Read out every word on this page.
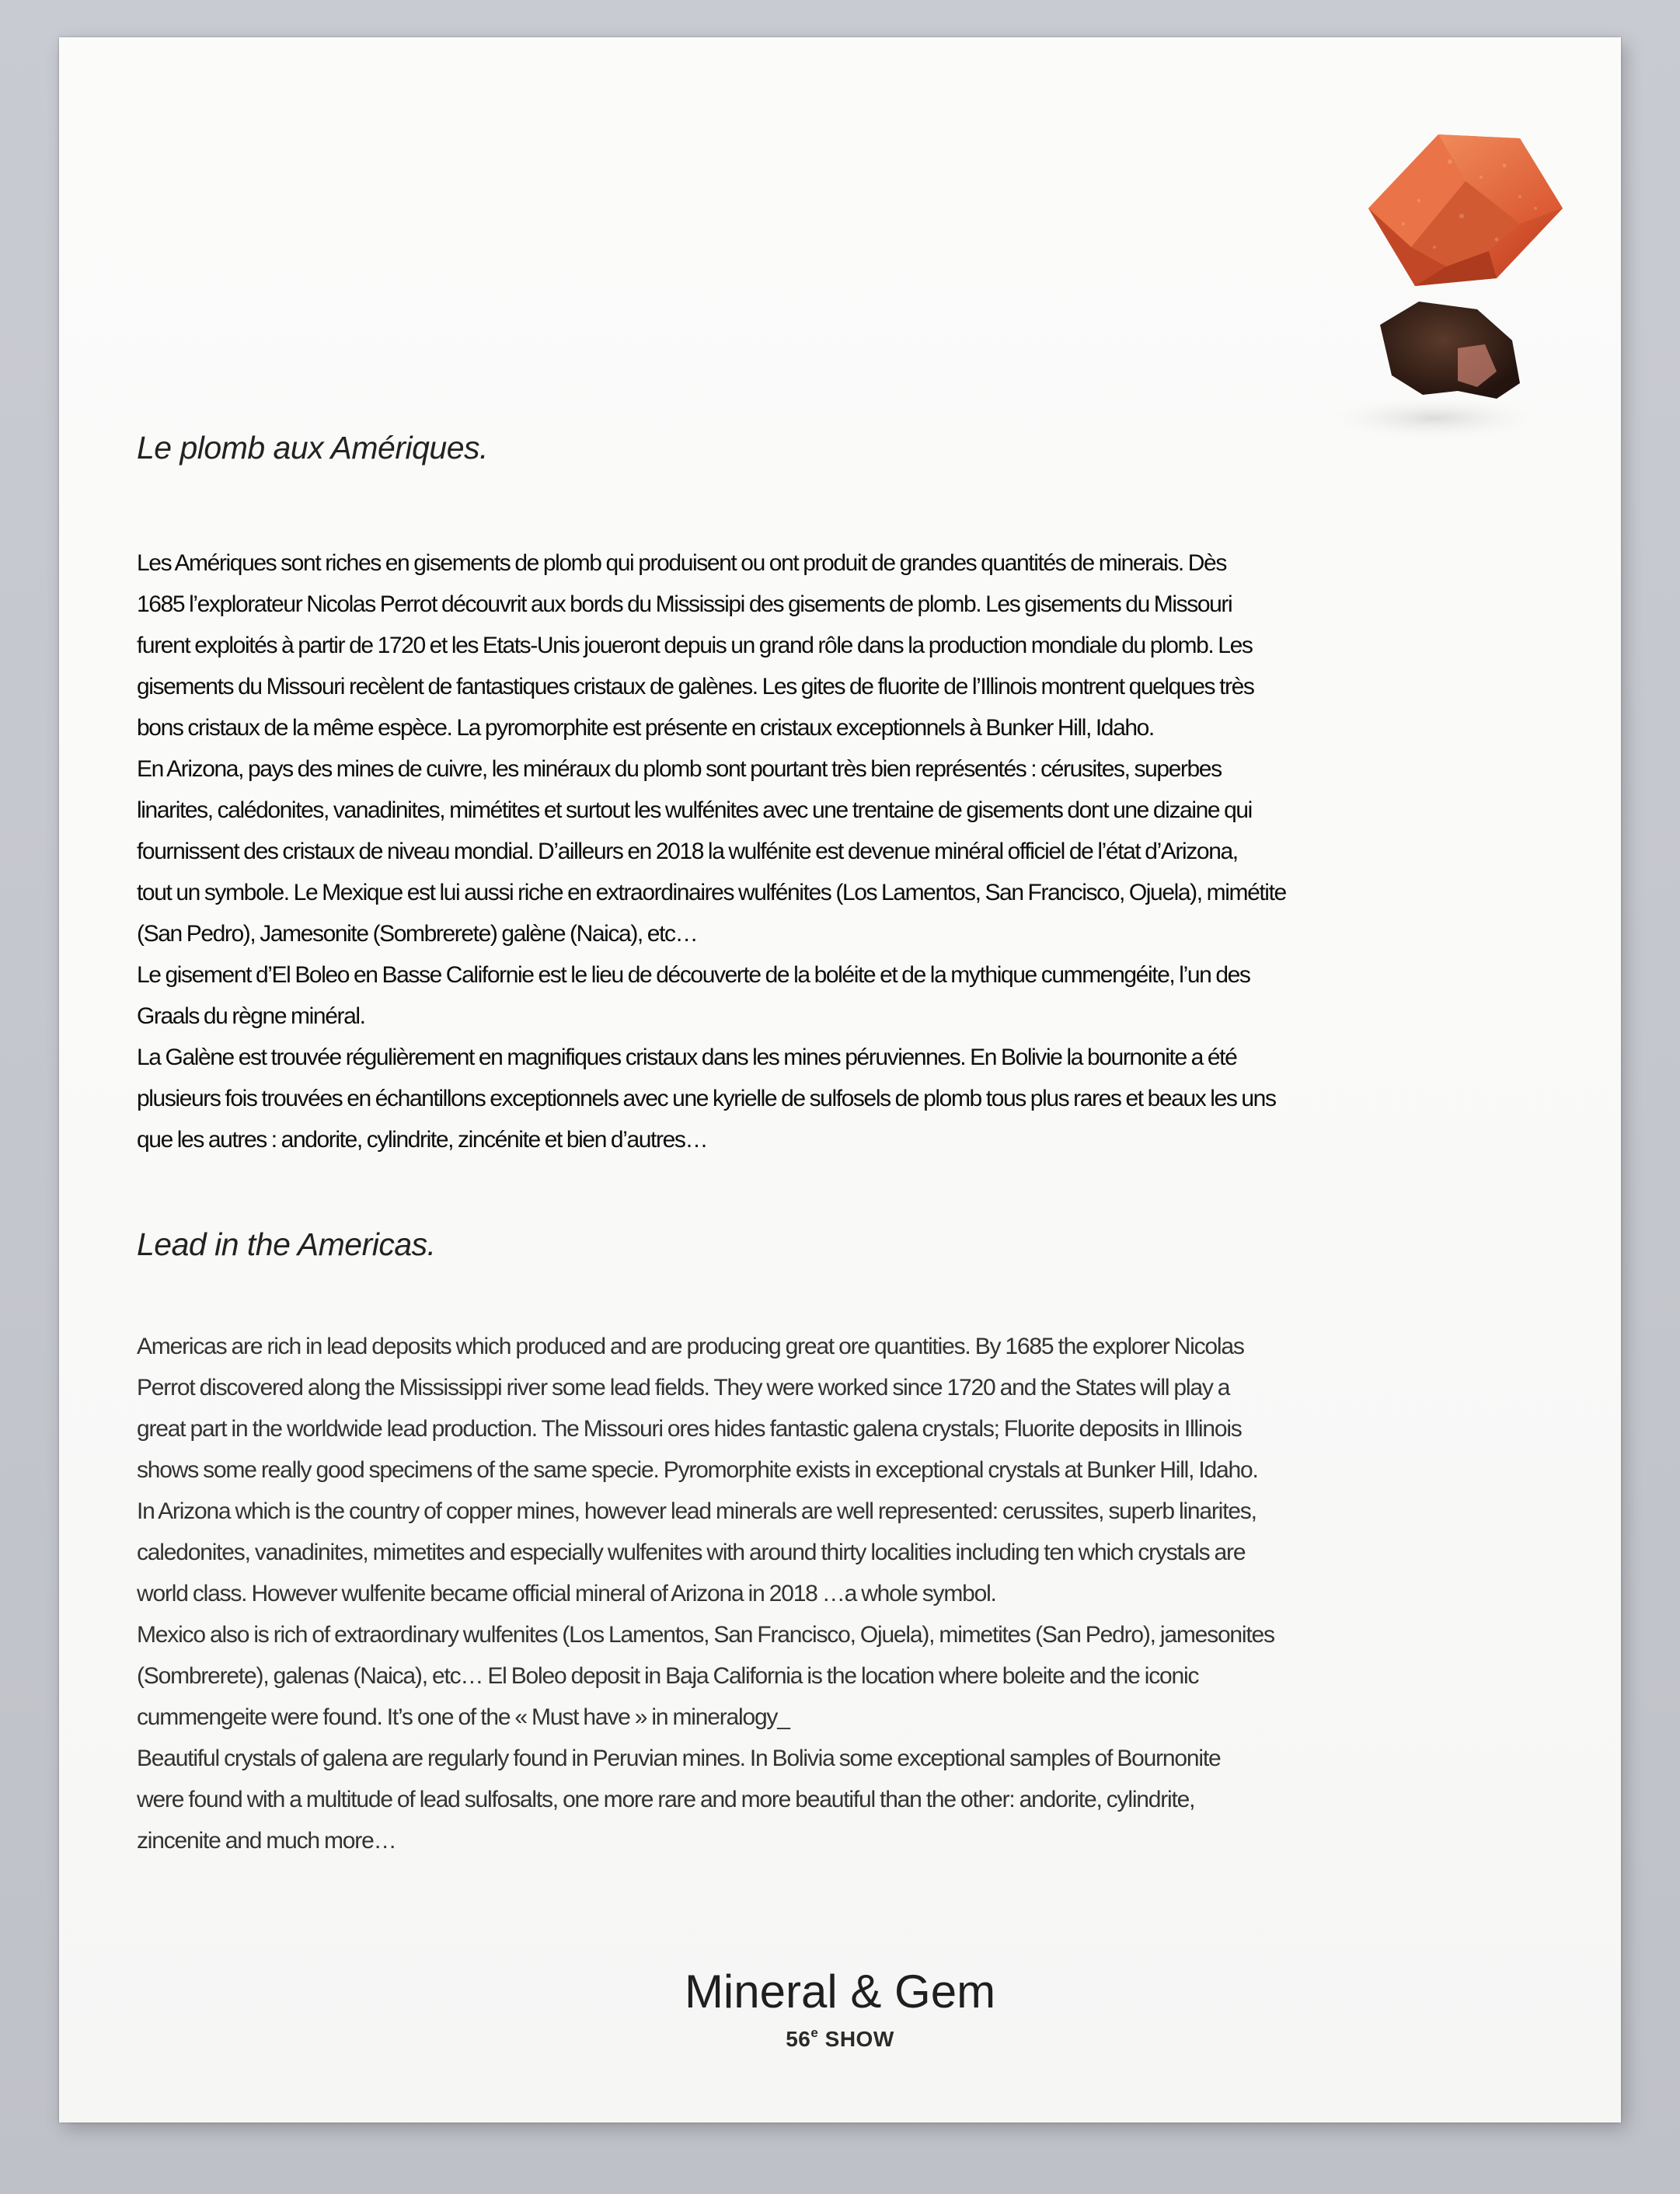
Le plomb aux Amériques.

Les Amériques sont riches en gisements de plomb qui produisent ou ont produit de grandes quantités de minerais. Dès
1685 l’explorateur Nicolas Perrot découvrit aux bords du Mississipi des gisements de plomb. Les gisements du Missouri
furent exploités à partir de 1720 et les Etats-Unis joueront depuis un grand rôle dans la production mondiale du plomb. Les
gisements du Missouri recèlent de fantastiques cristaux de galènes. Les gites de fluorite de l’Illinois montrent quelques très
bons cristaux de la même espèce. La pyromorphite est présente en cristaux exceptionnels à Bunker Hill, Idaho.
En Arizona, pays des mines de cuivre, les minéraux du plomb sont pourtant très bien représentés : cérusites, superbes
linarites, calédonites, vanadinites, mimétites et surtout les wulfénites avec une trentaine de gisements dont une dizaine qui
fournissent des cristaux de niveau mondial. D’ailleurs en 2018 la wulfénite est devenue minéral officiel de l’état d’Arizona,
tout un symbole. Le Mexique est lui aussi riche en extraordinaires wulfénites (Los Lamentos, San Francisco, Ojuela), mimétite
(San Pedro), Jamesonite (Sombrerete) galène (Naica), etc…
Le gisement d’El Boleo en Basse Californie est le lieu de découverte de la boléite et de la mythique cummengéite, l’un des
Graals du règne minéral.
La Galène est trouvée régulièrement en magnifiques cristaux dans les mines péruviennes. En Bolivie la bournonite a été
plusieurs fois trouvées en échantillons exceptionnels avec une kyrielle de sulfosels de plomb tous plus rares et beaux les uns
que les autres : andorite, cylindrite, zincénite et bien d’autres…

Lead in the Americas.

Americas are rich in lead deposits which produced and are producing great ore quantities. By 1685 the explorer Nicolas
Perrot discovered along the Mississippi river some lead fields. They were worked since 1720 and the States will play a
great part in the worldwide lead production. The Missouri ores hides fantastic galena crystals; Fluorite deposits in Illinois
shows some really good specimens of the same specie. Pyromorphite exists in exceptional crystals at Bunker Hill, Idaho.
In Arizona which is the country of copper mines, however lead minerals are well represented: cerussites, superb linarites,
caledonites, vanadinites, mimetites and especially wulfenites with around thirty localities including ten which crystals are
world class. However wulfenite became official mineral of Arizona in 2018 …a whole symbol.
Mexico also is rich of extraordinary wulfenites (Los Lamentos, San Francisco, Ojuela), mimetites (San Pedro), jamesonites
(Sombrerete), galenas (Naica), etc… El Boleo deposit in Baja California is the location where boleite and the iconic
cummengeite were found. It’s one of the « Must have » in mineralogy_
Beautiful crystals of galena are regularly found in Peruvian mines. In Bolivia some exceptional samples of Bournonite
were found with a multitude of lead sulfosalts, one more rare and more beautiful than the other: andorite, cylindrite,
zincenite and much more…

Mineral & Gem
56e SHOW
